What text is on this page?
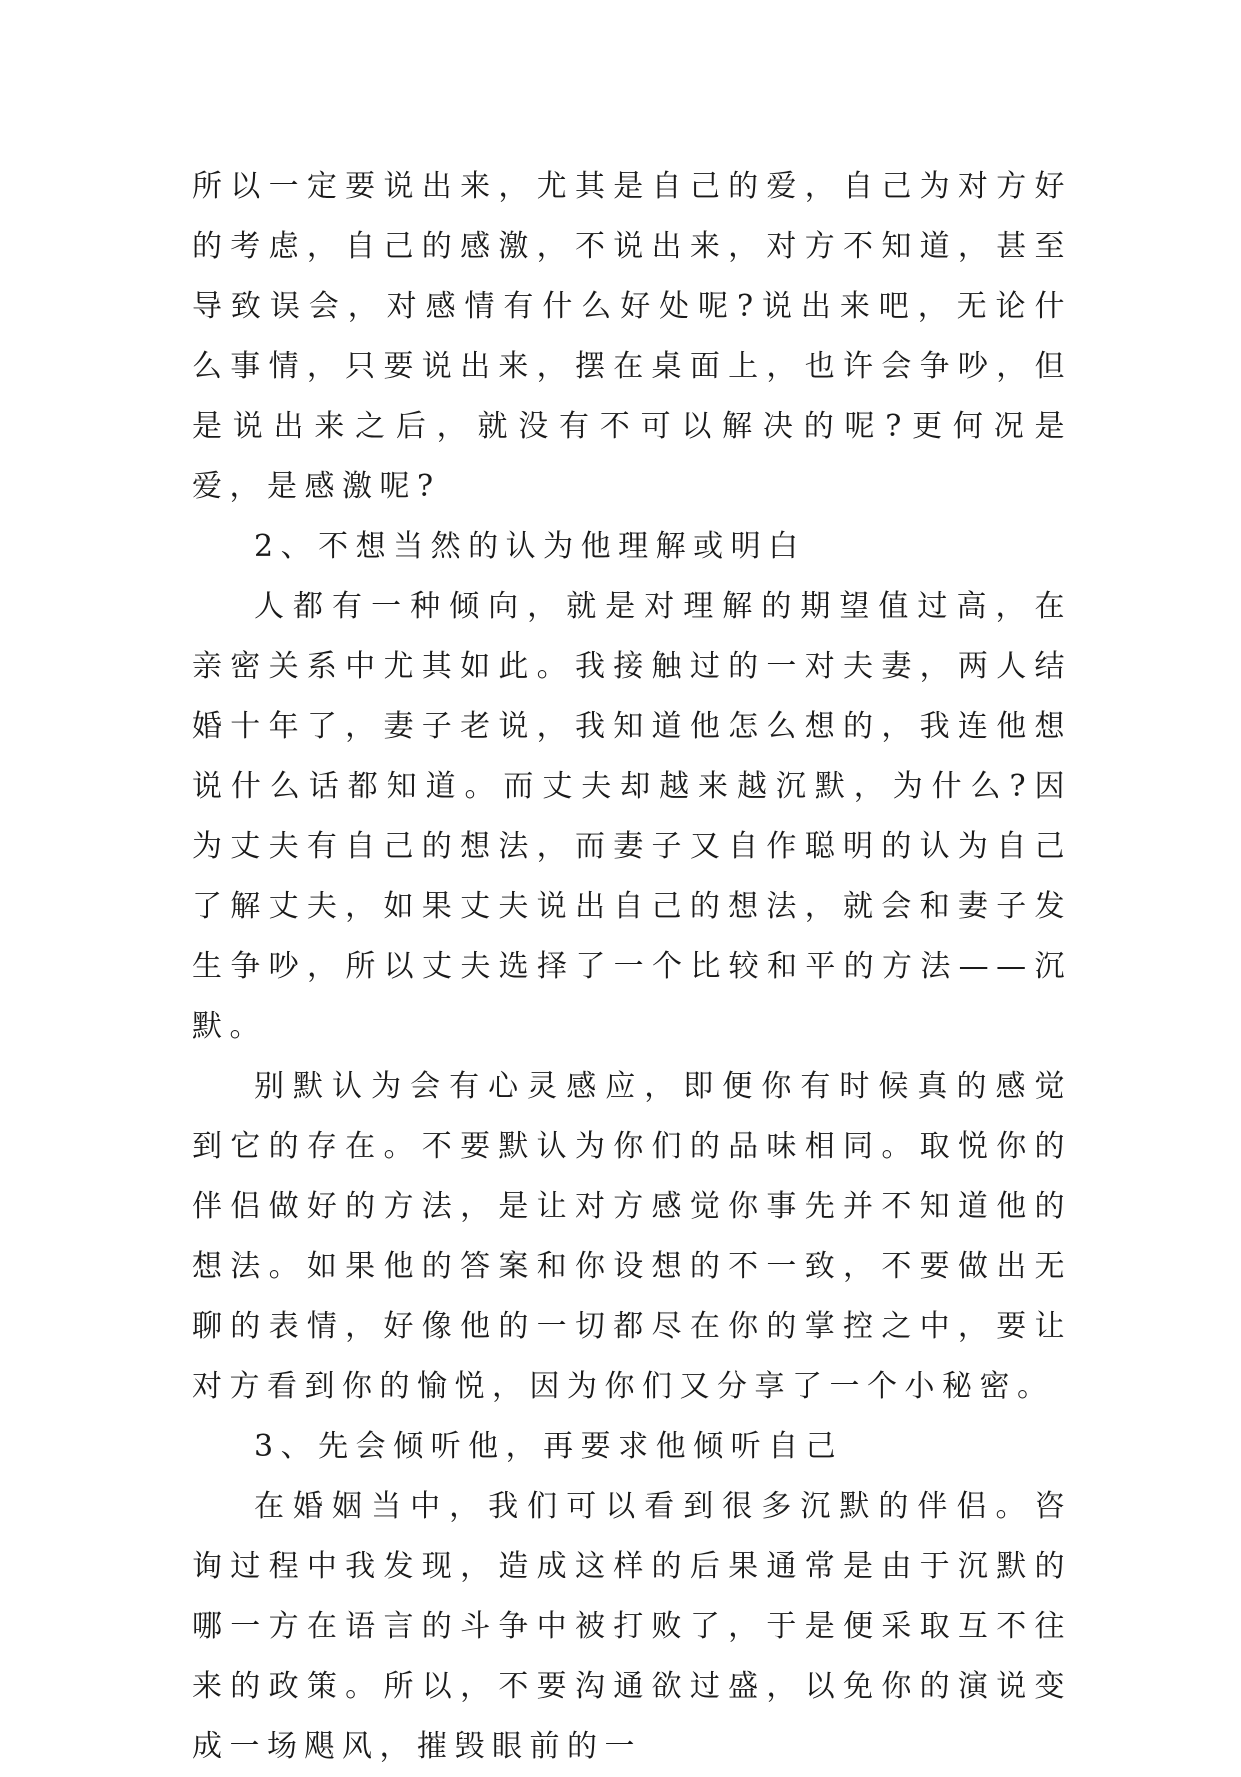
所以一定要说出来，尤其是自己的爱，自己为对方好的考虑，自己的感激，不说出来，对方不知道，甚至导致误会，对感情有什么好处呢?说出来吧，无论什么事情，只要说出来，摆在桌面上，也许会争吵，但是说出来之后，就没有不可以解决的呢?更何况是爱，是感激呢?

2、不想当然的认为他理解或明白

人都有一种倾向，就是对理解的期望值过高，在亲密关系中尤其如此。我接触过的一对夫妻，两人结婚十年了，妻子老说，我知道他怎么想的，我连他想说什么话都知道。而丈夫却越来越沉默，为什么?因为丈夫有自己的想法，而妻子又自作聪明的认为自己了解丈夫，如果丈夫说出自己的想法，就会和妻子发生争吵，所以丈夫选择了一个比较和平的方法——沉默。

别默认为会有心灵感应，即便你有时候真的感觉到它的存在。不要默认为你们的品味相同。取悦你的伴侣做好的方法，是让对方感觉你事先并不知道他的想法。如果他的答案和你设想的不一致，不要做出无聊的表情，好像他的一切都尽在你的掌控之中，要让对方看到你的愉悦，因为你们又分享了一个小秘密。

3、先会倾听他，再要求他倾听自己

在婚姻当中，我们可以看到很多沉默的伴侣。咨询过程中我发现，造成这样的后果通常是由于沉默的哪一方在语言的斗争中被打败了，于是便采取互不往来的政策。所以，不要沟通欲过盛，以免你的演说变成一场飓风，摧毁眼前的一
